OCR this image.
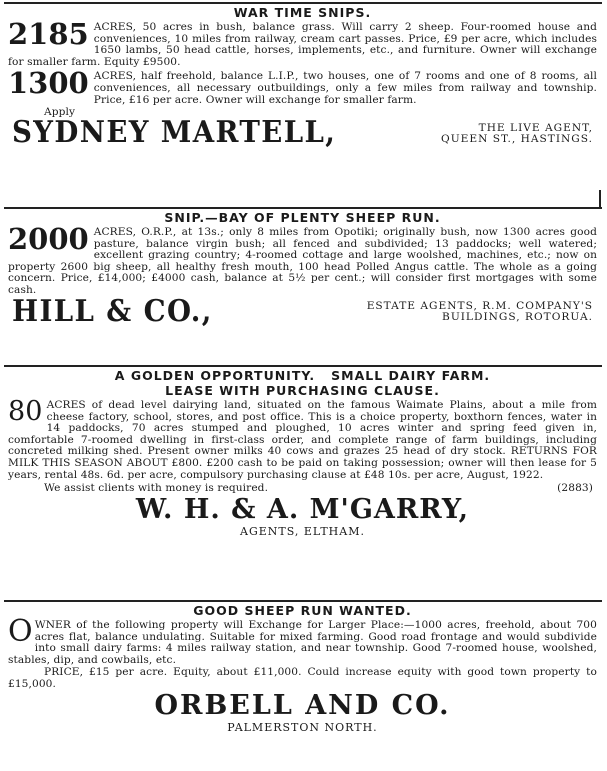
WAR TIME SNIPS.
2185 ACRES, 50 acres in bush, balance grass. Will carry 2 sheep. Four-roomed house and conveniences, 10 miles from railway, cream cart passes. Price, £9 per acre, which includes 1650 lambs, 50 head cattle, horses, implements, etc., and furniture. Owner will exchange for smaller farm. Equity £9500.
1300 ACRES, half freehold, balance L.I.P., two houses, one of 7 rooms and one of 8 rooms, all conveniences, all necessary outbuildings, only a few miles from railway and township. Price, £16 per acre. Owner will exchange for smaller farm.
Apply
SYDNEY MARTELL,	THE LIVE AGENT,
QUEEN ST., HASTINGS.
SNIP.—BAY OF PLENTY SHEEP RUN.
2000 ACRES, O.R.P., at 13s.; only 8 miles from Opotiki; originally bush, now 1300 acres good pasture, balance virgin bush; all fenced and subdivided; 13 paddocks; well watered; excellent grazing country; 4-roomed cottage and large woolshed, machines, etc.; now on property 2600 big sheep, all healthy fresh mouth, 100 head Polled Angus cattle. The whole as a going concern. Price, £14,000; £4000 cash, balance at 5½ per cent.; will consider first mortgages with some cash.
HILL & CO.,	ESTATE AGENTS, R.M. COMPANY'S
BUILDINGS, ROTORUA.
A GOLDEN OPPORTUNITY.   SMALL DAIRY FARM.
LEASE WITH PURCHASING CLAUSE.
80 ACRES of dead level dairying land, situated on the famous Waimate Plains, about a mile from cheese factory, school, stores, and post office. This is a choice property, boxthorn fences, water in 14 paddocks, 70 acres stumped and ploughed, 10 acres winter and spring feed given in, comfortable 7-roomed dwelling in first-class order, and complete range of farm buildings, including concreted milking shed. Present owner milks 40 cows and grazes 25 head of dry stock. RETURNS FOR MILK THIS SEASON ABOUT £800. £200 cash to be paid on taking possession; owner will then lease for 5 years, rental 48s. 6d. per acre, compulsory purchasing clause at £48 10s. per acre, August, 1922.
We assist clients with money is required.	(2883)
W. H. & A. M'GARRY,
AGENTS, ELTHAM.
GOOD SHEEP RUN WANTED.
O WNER of the following property will Exchange for Larger Place:—1000 acres, freehold, about 700 acres flat, balance undulating. Suitable for mixed farming. Good road frontage and would subdivide into small dairy farms: 4 miles railway station, and near township. Good 7-roomed house, woolshed, stables, dip, and cowbails, etc.
PRICE, £15 per acre. Equity, about £11,000. Could increase equity with good town property to £15,000.
ORBELL AND CO.
PALMERSTON NORTH.
